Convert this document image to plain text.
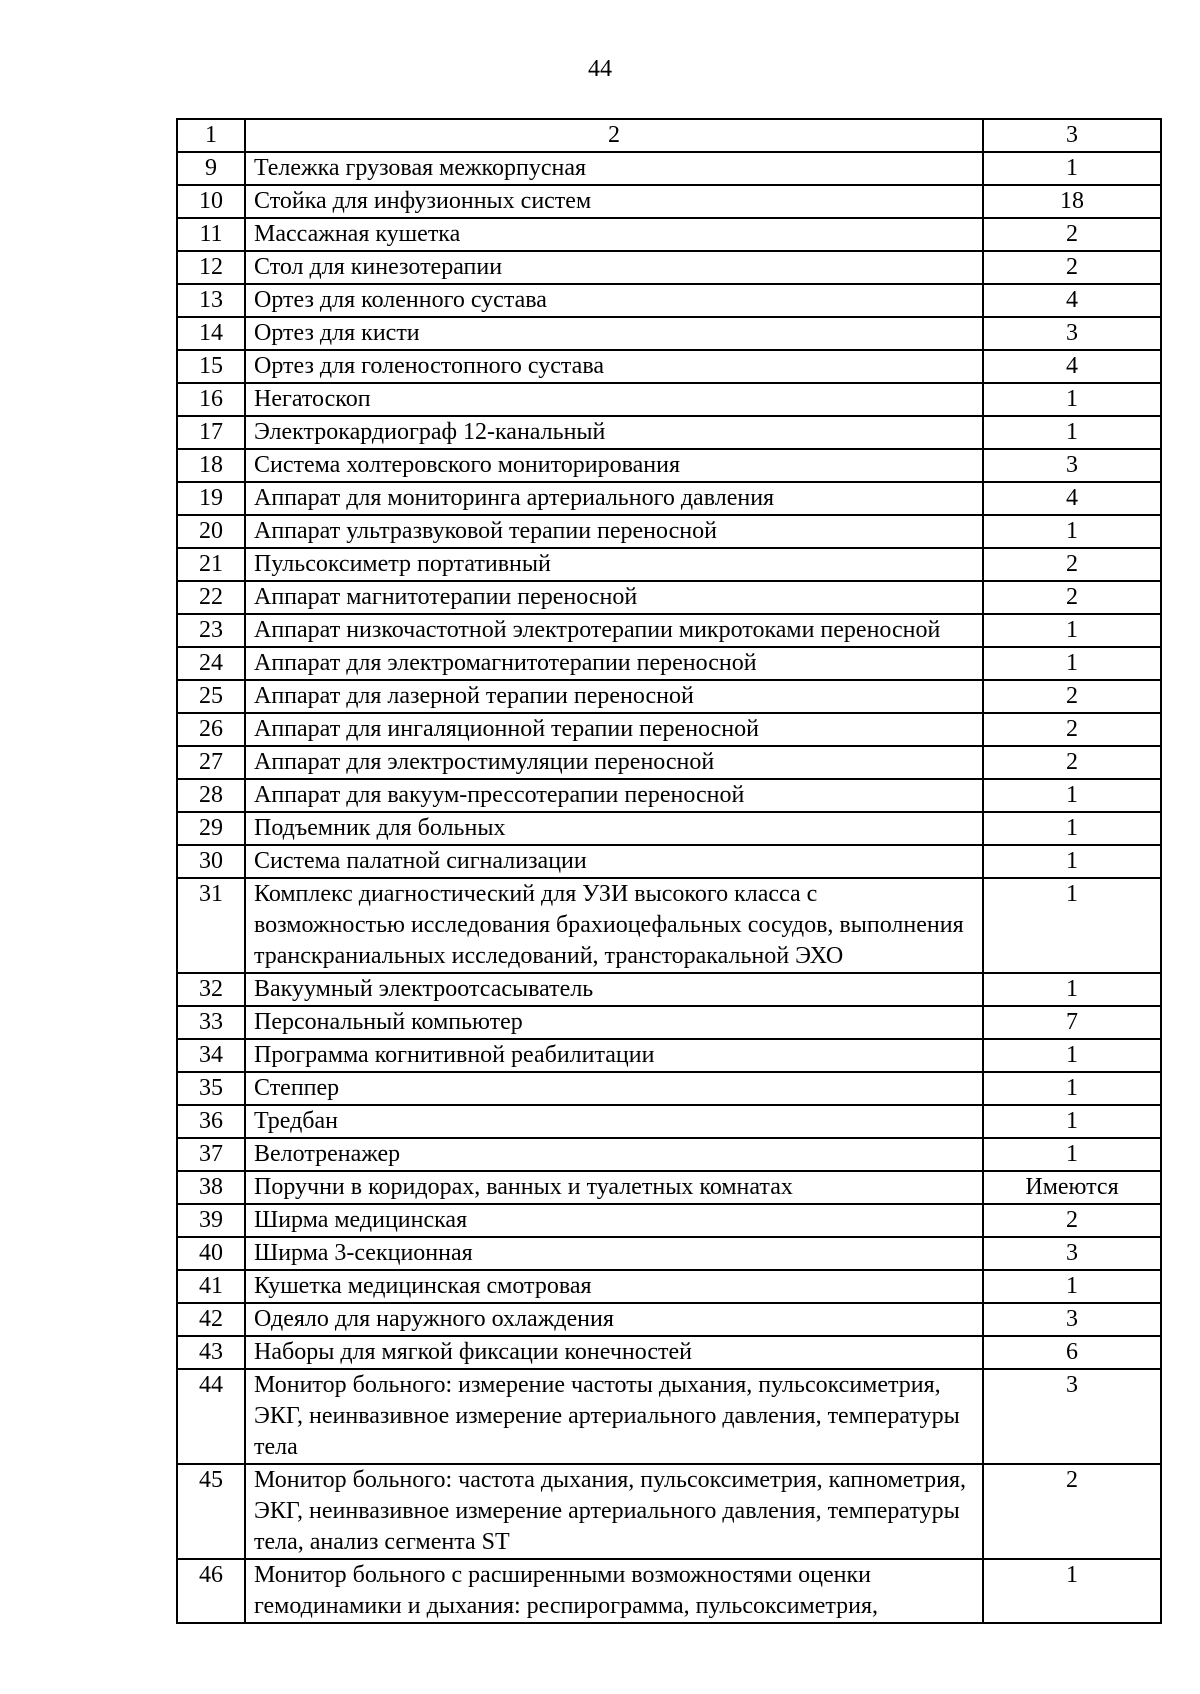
44
1	2	3
9	Тележка грузовая межкорпусная	1
10	Стойка для инфузионных систем	18
11	Массажная кушетка	2
12	Стол для кинезотерапии	2
13	Ортез для коленного сустава	4
14	Ортез для кисти	3
15	Ортез для голеностопного сустава	4
16	Негатоскоп	1
17	Электрокардиограф 12-канальный	1
18	Система холтеровского мониторирования	3
19	Аппарат для мониторинга артериального давления	4
20	Аппарат ультразвуковой терапии переносной	1
21	Пульсоксиметр портативный	2
22	Аппарат магнитотерапии переносной	2
23	Аппарат низкочастотной электротерапии микротоками переносной	1
24	Аппарат для электромагнитотерапии переносной	1
25	Аппарат для лазерной терапии переносной	2
26	Аппарат для ингаляционной терапии переносной	2
27	Аппарат для электростимуляции переносной	2
28	Аппарат для вакуум-прессотерапии переносной	1
29	Подъемник для больных	1
30	Система палатной сигнализации	1
31	Комплекс диагностический для УЗИ высокого класса с возможностью исследования брахиоцефальных сосудов, выполнения транскраниальных исследований, трансторакальной ЭХО	1
32	Вакуумный электроотсасыватель	1
33	Персональный компьютер	7
34	Программа когнитивной реабилитации	1
35	Степпер	1
36	Тредбан	1
37	Велотренажер	1
38	Поручни в коридорах, ванных и туалетных комнатах	Имеются
39	Ширма медицинская	2
40	Ширма 3-секционная	3
41	Кушетка медицинская смотровая	1
42	Одеяло для наружного охлаждения	3
43	Наборы для мягкой фиксации конечностей	6
44	Монитор больного: измерение частоты дыхания, пульсоксиметрия, ЭКГ, неинвазивное измерение артериального давления, температуры тела	3
45	Монитор больного: частота дыхания, пульсоксиметрия, капнометрия, ЭКГ, неинвазивное измерение артериального давления, температуры тела, анализ сегмента ST	2
46	Монитор больного с расширенными возможностями оценки гемодинамики и дыхания: респирограмма, пульсоксиметрия,	1
